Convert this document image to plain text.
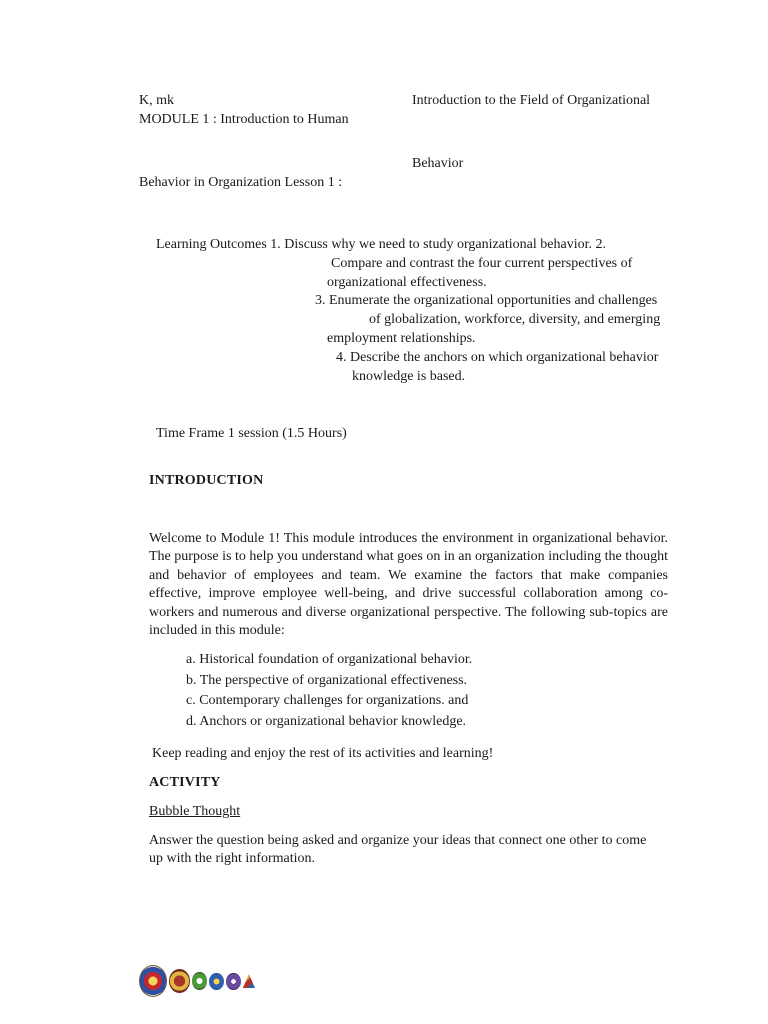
K, mk
MODULE 1 : Introduction to Human
Introduction to the Field of Organizational
Behavior
Behavior in Organization Lesson 1 :
Learning Outcomes 1. Discuss why we need to study organizational behavior. 2.
Compare and contrast the four current perspectives of
organizational effectiveness.
3. Enumerate the organizational opportunities and challenges
of globalization, workforce, diversity, and emerging
employment relationships.
4. Describe the anchors on which organizational behavior
knowledge is based.
Time Frame 1 session (1.5 Hours)
INTRODUCTION

Welcome to Module 1! This module introduces the environment in organizational behavior. The purpose is to help you understand what goes on in an organization including the thought and behavior of employees and team. We examine the factors that make companies effective, improve employee well-being, and drive successful collaboration among co-workers and numerous and diverse organizational perspective. The following sub-topics are included in this module:

a. Historical foundation of organizational behavior.
b. The perspective of organizational effectiveness.
c. Contemporary challenges for organizations. and
d. Anchors or organizational behavior knowledge.
Keep reading and enjoy the rest of its activities and learning!
ACTIVITY
Bubble Thought

Answer the question being asked and organize your ideas that connect one other to come up with the right information.
